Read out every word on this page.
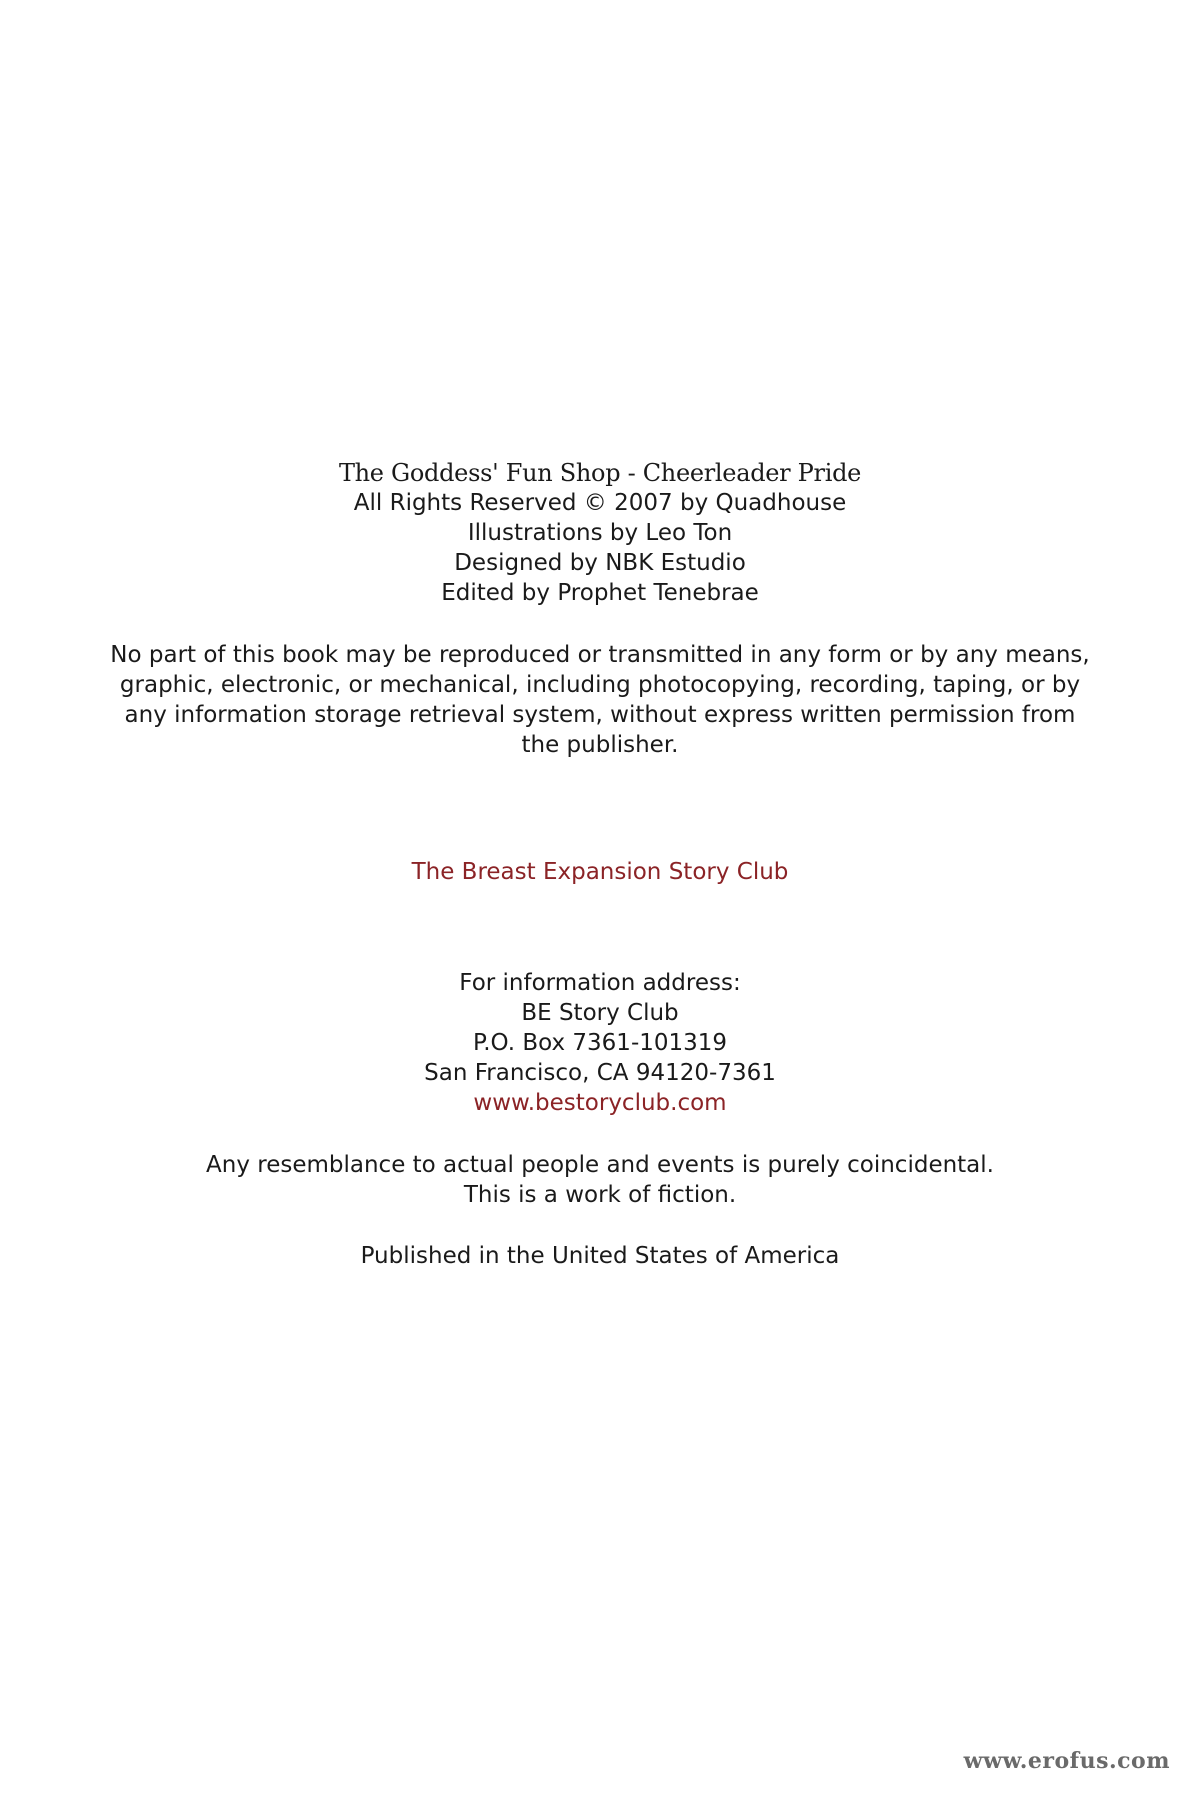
The Goddess' Fun Shop - Cheerleader Pride
All Rights Reserved © 2007 by Quadhouse
Illustrations by Leo Ton
Designed by NBK Estudio
Edited by Prophet Tenebrae
No part of this book may be reproduced or transmitted in any form or by any means,
graphic, electronic, or mechanical, including photocopying, recording, taping, or by
any information storage retrieval system, without express written permission from
the publisher.
The Breast Expansion Story Club
For information address:
BE Story Club
P.O. Box 7361-101319
San Francisco, CA 94120-7361
www.bestoryclub.com
Any resemblance to actual people and events is purely coincidental.
This is a work of fiction.
Published in the United States of America
www.erofus.com
